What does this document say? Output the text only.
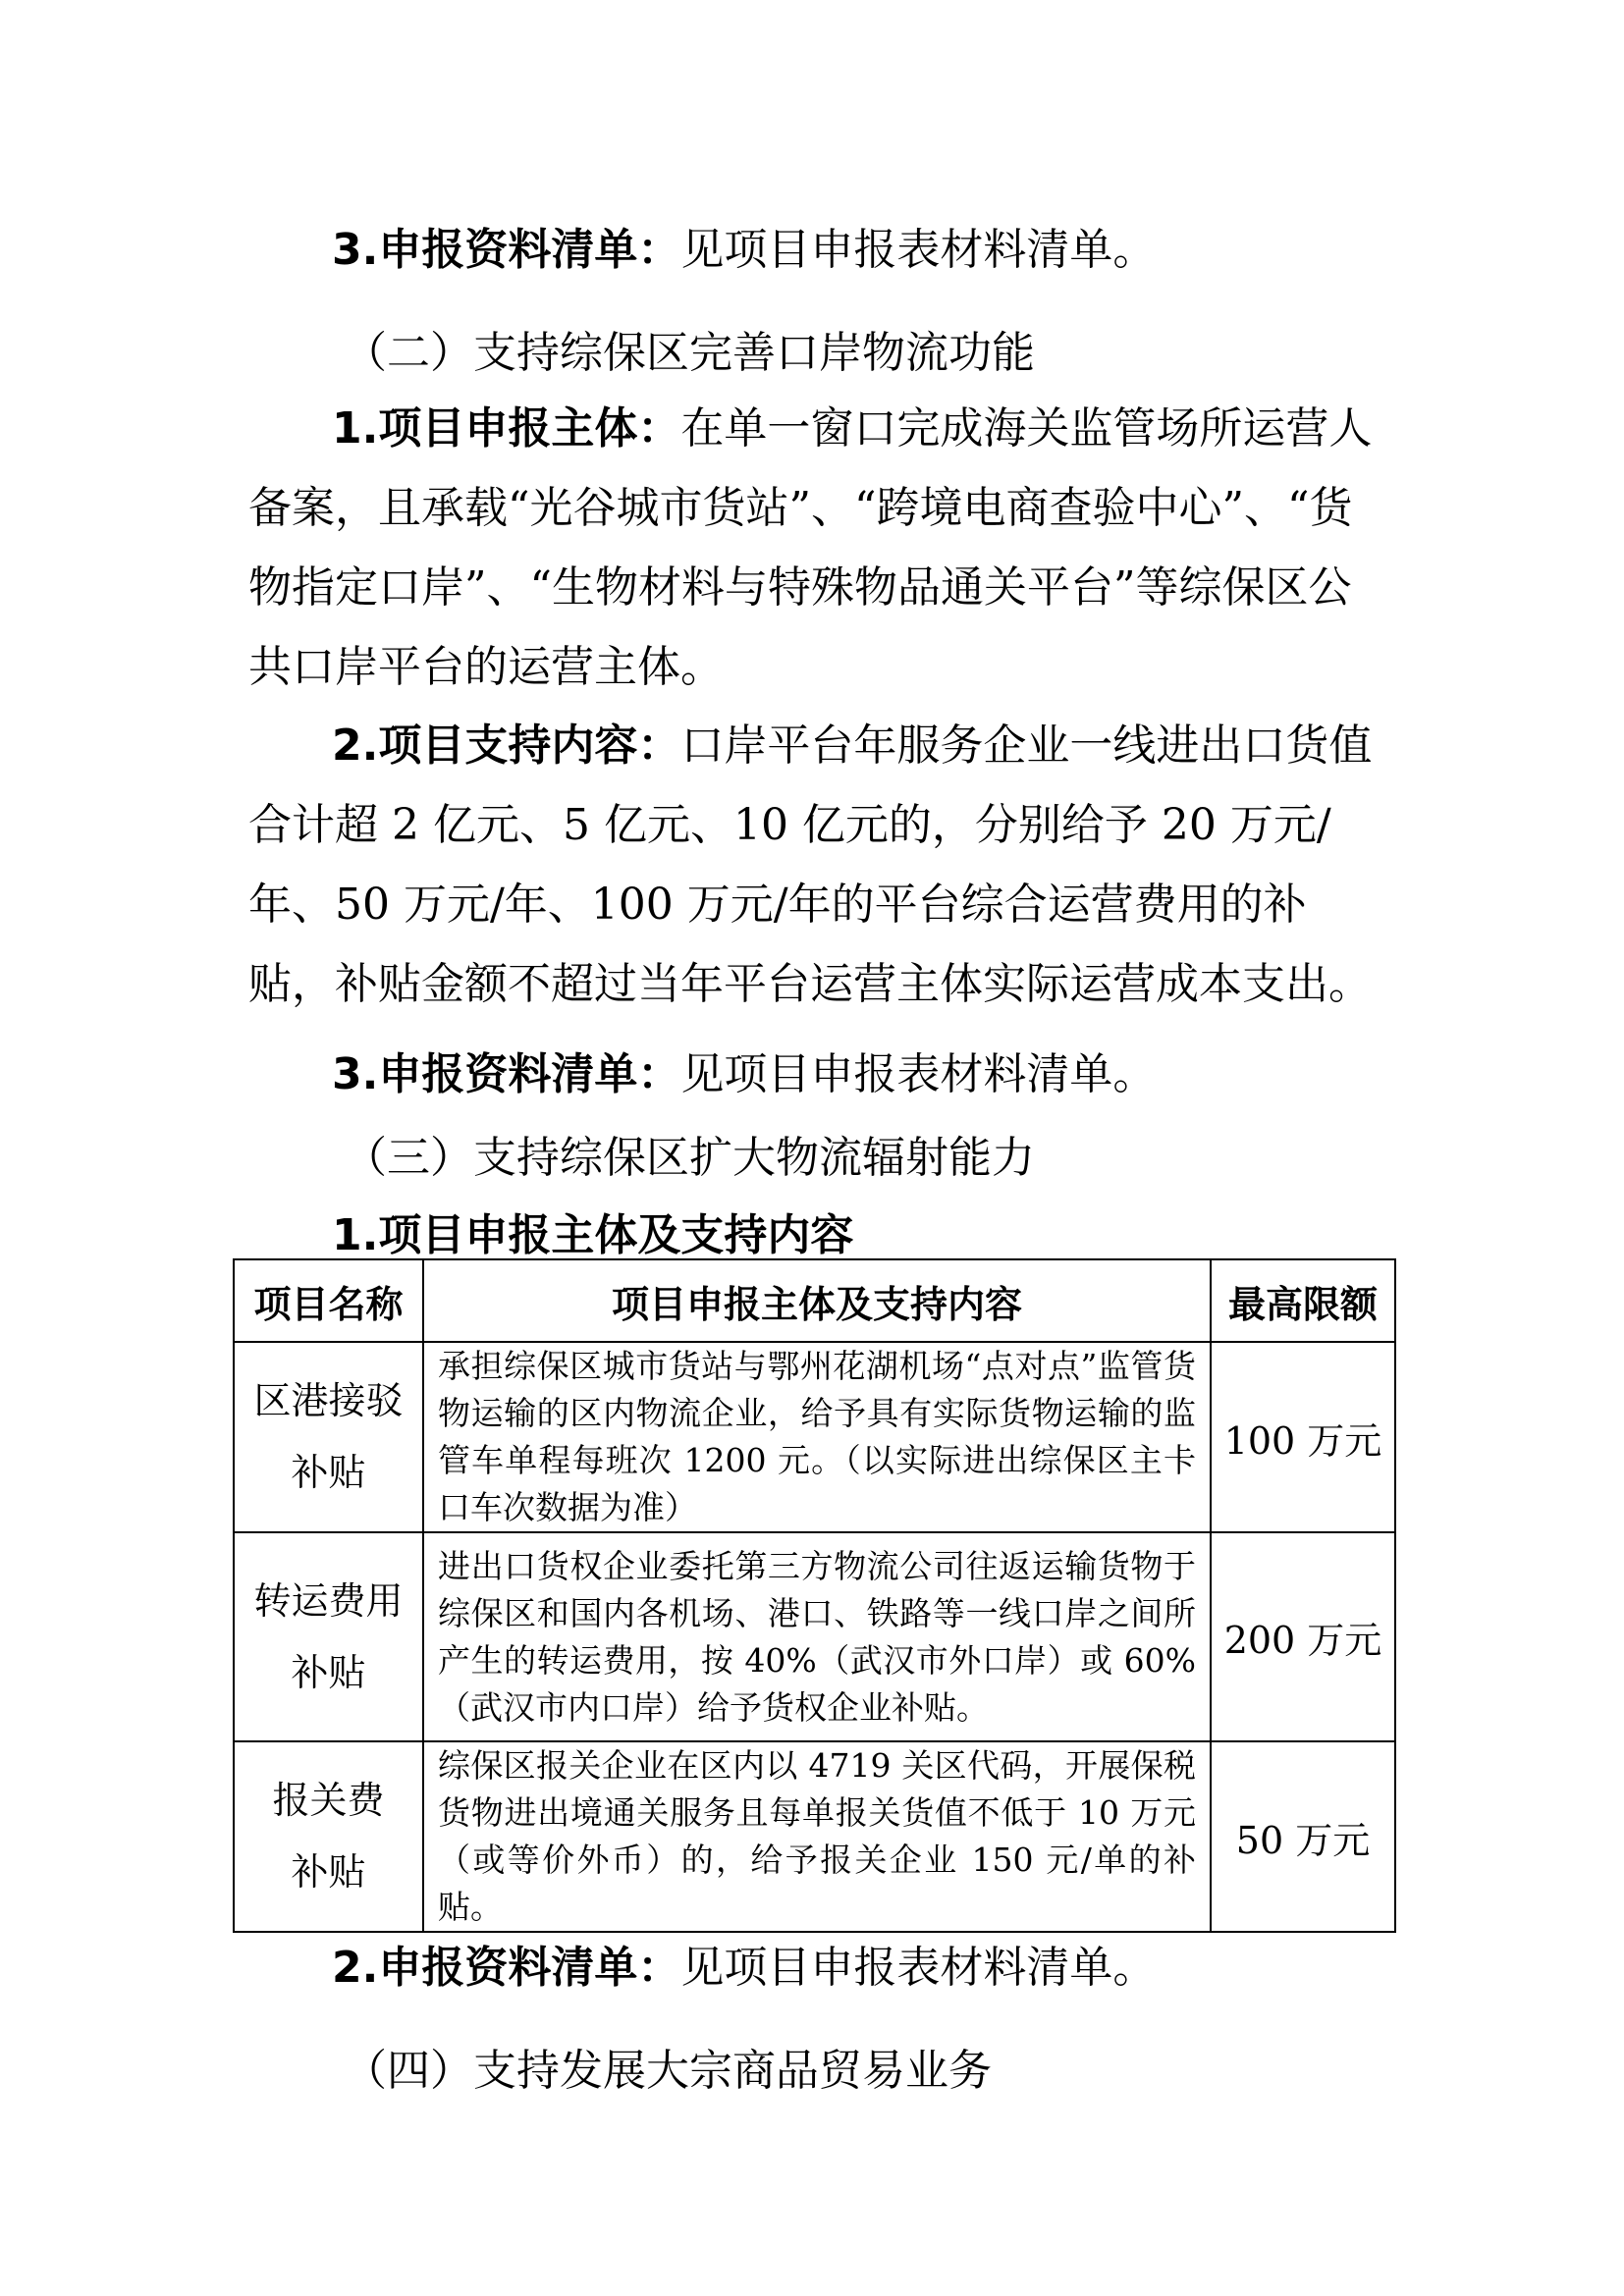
3.申报资料清单：见项目申报表材料清单。
（二）支持综保区完善口岸物流功能

1.项目申报主体：在单一窗口完成海关监管场所运营人备案，且承载“光谷城市货站”、“跨境电商查验中心”、“货物指定口岸”、“生物材料与特殊物品通关平台”等综保区公共口岸平台的运营主体。

2.项目支持内容：口岸平台年服务企业一线进出口货值合计超 2 亿元、5 亿元、10 亿元的，分别给予 20 万元/年、50 万元/年、100 万元/年的平台综合运营费用的补贴，补贴金额不超过当年平台运营主体实际运营成本支出。

3.申报资料清单：见项目申报表材料清单。
（三）支持综保区扩大物流辐射能力
1.项目申报主体及支持内容
项目名称	项目申报主体及支持内容	最高限额
区港接驳
补贴	承担综保区城市货站与鄂州花湖机场“点对点”监管货物运输的区内物流企业，给予具有实际货物运输的监管车单程每班次 1200 元。（以实际进出综保区主卡口车次数据为准）	100 万元
转运费用
补贴	进出口货权企业委托第三方物流公司往返运输货物于综保区和国内各机场、港口、铁路等一线口岸之间所产生的转运费用，按 40%（武汉市外口岸）或 60%（武汉市内口岸）给予货权企业补贴。	200 万元
报关费
补贴	综保区报关企业在区内以 4719 关区代码，开展保税货物进出境通关服务且每单报关货值不低于 10 万元（或等价外币）的，给予报关企业 150 元/单的补贴。	50 万元
2.申报资料清单：见项目申报表材料清单。
（四）支持发展大宗商品贸易业务
